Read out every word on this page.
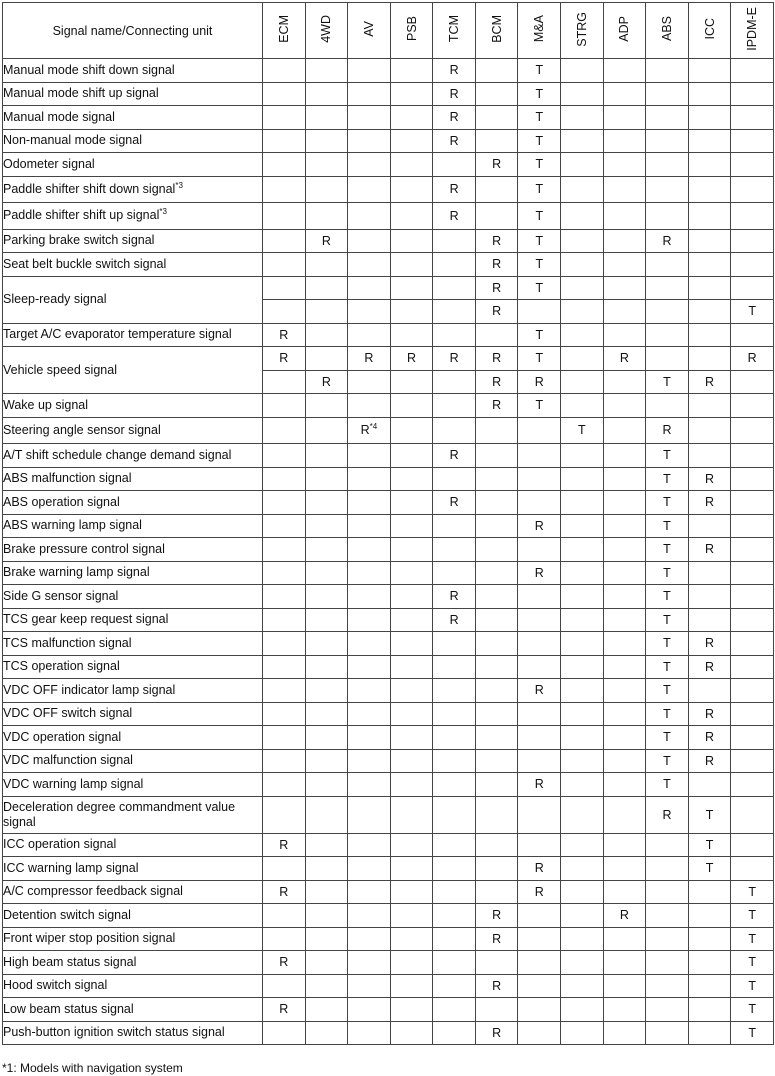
Signal name/Connecting unit	ECM	4WD	AV	PSB	TCM	BCM	M&A	STRG	ADP	ABS	ICC	IPDM-E
Manual mode shift down signal					R		T					
Manual mode shift up signal					R		T					
Manual mode signal					R		T					
Non-manual mode signal					R		T					
Odometer signal						R	T					
Paddle shifter shift down signal$^{*3}$					R		T					
Paddle shifter shift up signal$^{*3}$					R		T					
Parking brake switch signal		R				R	T			R		
Seat belt buckle switch signal						R	T					
Sleep-ready signal						R	T					
						R						T
Target A/C evaporator temperature signal	R						T					
Vehicle speed signal	R		R	R	R	R	T		R			R
		R				R	R			T	R	
Wake up signal						R	T					
Steering angle sensor signal			$R^{*4}$					T		R		
A/T shift schedule change demand signal					R					T		
ABS malfunction signal										T	R	
ABS operation signal					R					T	R	
ABS warning lamp signal							R			T		
Brake pressure control signal										T	R	
Brake warning lamp signal							R			T		
Side G sensor signal					R					T		
TCS gear keep request signal					R					T		
TCS malfunction signal										T	R	
TCS operation signal										T	R	
VDC OFF indicator lamp signal							R			T		
VDC OFF switch signal										T	R	
VDC operation signal										T	R	
VDC malfunction signal										T	R	
VDC warning lamp signal							R			T		
Deceleration degree commandment value signal										R	T	
ICC operation signal	R										T	
ICC warning lamp signal							R				T	
A/C compressor feedback signal	R						R					T
Detention switch signal						R			R			T
Front wiper stop position signal						R						T
High beam status signal	R											T
Hood switch signal						R						T
Low beam status signal	R											T
Push-button ignition switch status signal						R						T
*1: Models with navigation system
